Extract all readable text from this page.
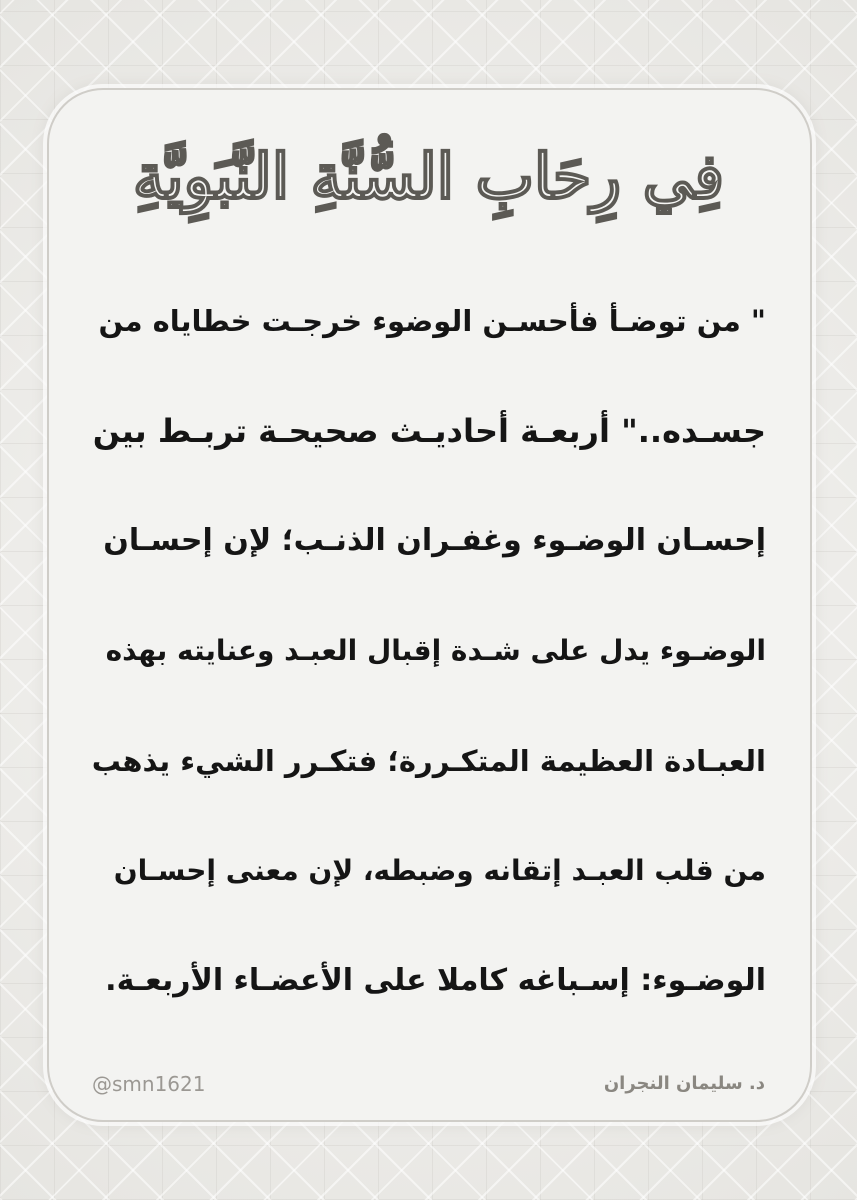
فِي رِحَابِ السُّنَّةِ النَّبَوِيَّةِ
" من توضـأ فأحسـن الوضوء خرجـت خطاياه من
جسـده.." أربعـة أحاديـث صحيحـة تربـط بين
إحسـان الوضـوء وغفـران الذنـب؛ لإن إحسـان
الوضـوء يدل على شـدة إقبال العبـد وعنايته بهذه
العبـادة العظيمة المتكـررة؛ فتكـرر الشيء يذهب
من قلب العبـد إتقانه وضبطه، لإن معنى إحسـان
الوضـوء: إسـباغه كاملا على الأعضـاء الأربعـة.
د. سليمان النجران
@smn1621
